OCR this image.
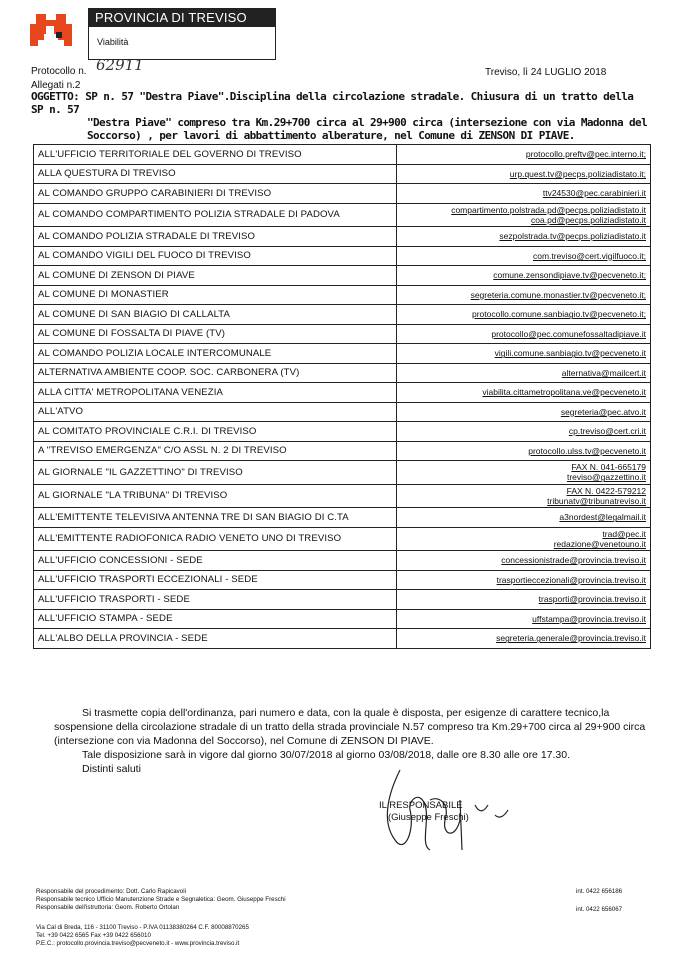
PROVINCIA DI TREVISO
Viabilità
Protocollo n. 62911
Allegati n.2
Treviso, lì 24 LUGLIO 2018
OGGETTO: SP n. 57 "Destra Piave".Disciplina della circolazione stradale. Chiusura di un tratto della SP n. 57
"Destra Piave" compreso tra Km.29+700 circa al 29+900 circa (intersezione con via Madonna del
Soccorso) , per lavori di abbattimento alberature, nel Comune di ZENSON DI PIAVE.
ALL'UFFICIO TERRITORIALE DEL GOVERNO DI TREVISO	protocollo.preftv@pec.interno.it;

ALLA QUESTURA DI TREVISO	urp.quest.tv@pecps.poliziadistato.it;

AL COMANDO GRUPPO CARABINIERI DI TREVISO	ttv24530@pec.carabinieri.it

AL COMANDO COMPARTIMENTO POLIZIA STRADALE DI PADOVA	compartimento.polstrada.pd@pecps.poliziadistato.it
coa.pd@pecps.poliziadistato.it

AL COMANDO POLIZIA STRADALE DI TREVISO	sezpolstrada.tv@pecps.poliziadistato.it

AL COMANDO VIGILI DEL FUOCO DI TREVISO	com.treviso@cert.vigilfuoco.it;

AL COMUNE DI ZENSON DI PIAVE	comune.zensondipiave.tv@pecveneto.it;

AL COMUNE DI MONASTIER	segreteria.comune.monastier.tv@pecveneto.it;

AL COMUNE DI SAN BIAGIO DI CALLALTA	protocollo.comune.sanbiagio.tv@pecveneto.it;

AL COMUNE DI FOSSALTA DI PIAVE (TV)	protocollo@pec.comunefossaltadipiave.it

AL COMANDO POLIZIA LOCALE INTERCOMUNALE	vigili.comune.sanbiagio.tv@pecveneto.it

ALTERNATIVA AMBIENTE COOP. SOC. CARBONERA (TV)	alternativa@mailcert.it

ALLA CITTA' METROPOLITANA VENEZIA	viabilita.cittametropolitana.ve@pecveneto.it

ALL'ATVO	segreteria@pec.atvo.it

AL COMITATO PROVINCIALE C.R.I. DI TREVISO	cp.treviso@cert.cri.it

A "TREVISO EMERGENZA" C/O ASSL N. 2 DI TREVISO	protocollo.ulss.tv@pecveneto.it

AL GIORNALE "IL GAZZETTINO" DI TREVISO	FAX N. 041-665179
treviso@gazzettino.it

AL GIORNALE "LA TRIBUNA" DI TREVISO	FAX N. 0422-579212
tribunatv@tribunatreviso.it

ALL'EMITTENTE TELEVISIVA ANTENNA TRE DI SAN BIAGIO DI C.TA	a3nordest@legalmail.it

ALL'EMITTENTE RADIOFONICA RADIO VENETO UNO DI TREVISO	trad@pec.it
redazione@venetouno.it

ALL'UFFICIO CONCESSIONI - SEDE	concessionistrade@provincia.treviso.it

ALL'UFFICIO TRASPORTI ECCEZIONALI - SEDE	trasportieccezionali@provincia.treviso.it

ALL'UFFICIO TRASPORTI - SEDE	trasporti@provincia.treviso.it

ALL'UFFICIO STAMPA - SEDE	uffstampa@provincia.treviso.it

ALL'ALBO DELLA PROVINCIA - SEDE	segreteria.generale@provincia.treviso.it

Si trasmette copia dell'ordinanza, pari numero e data, con la quale è disposta, per esigenze di carattere tecnico,la sospensione della circolazione stradale di un tratto della strada provinciale N.57 compreso tra Km.29+700 circa al 29+900 circa (intersezione con via Madonna del Soccorso), nel Comune di ZENSON DI PIAVE.

Tale disposizione sarà in vigore dal giorno 30/07/2018 al giorno 03/08/2018, dalle ore 8.30 alle ore 17.30.

Distinti saluti

IL RESPONSABILE
(Giuseppe Freschi)
Responsabile del procedimento: Dott. Carlo Rapicavoli
Responsabile tecnico Ufficio Manutenzione Strade e Segnaletica: Geom. Giuseppe Freschi
Responsabile dell'istruttoria: Geom. Roberto Ortolan
int. 0422 656186
int. 0422 656067
Via Cal di Breda, 116 - 31100 Treviso - P.IVA 01138380264 C.F. 80008870265
Tel. +39 0422 6565 Fax +39 0422 656010
P.E.C.: protocollo.provincia.treviso@pecveneto.it - www.provincia.treviso.it
